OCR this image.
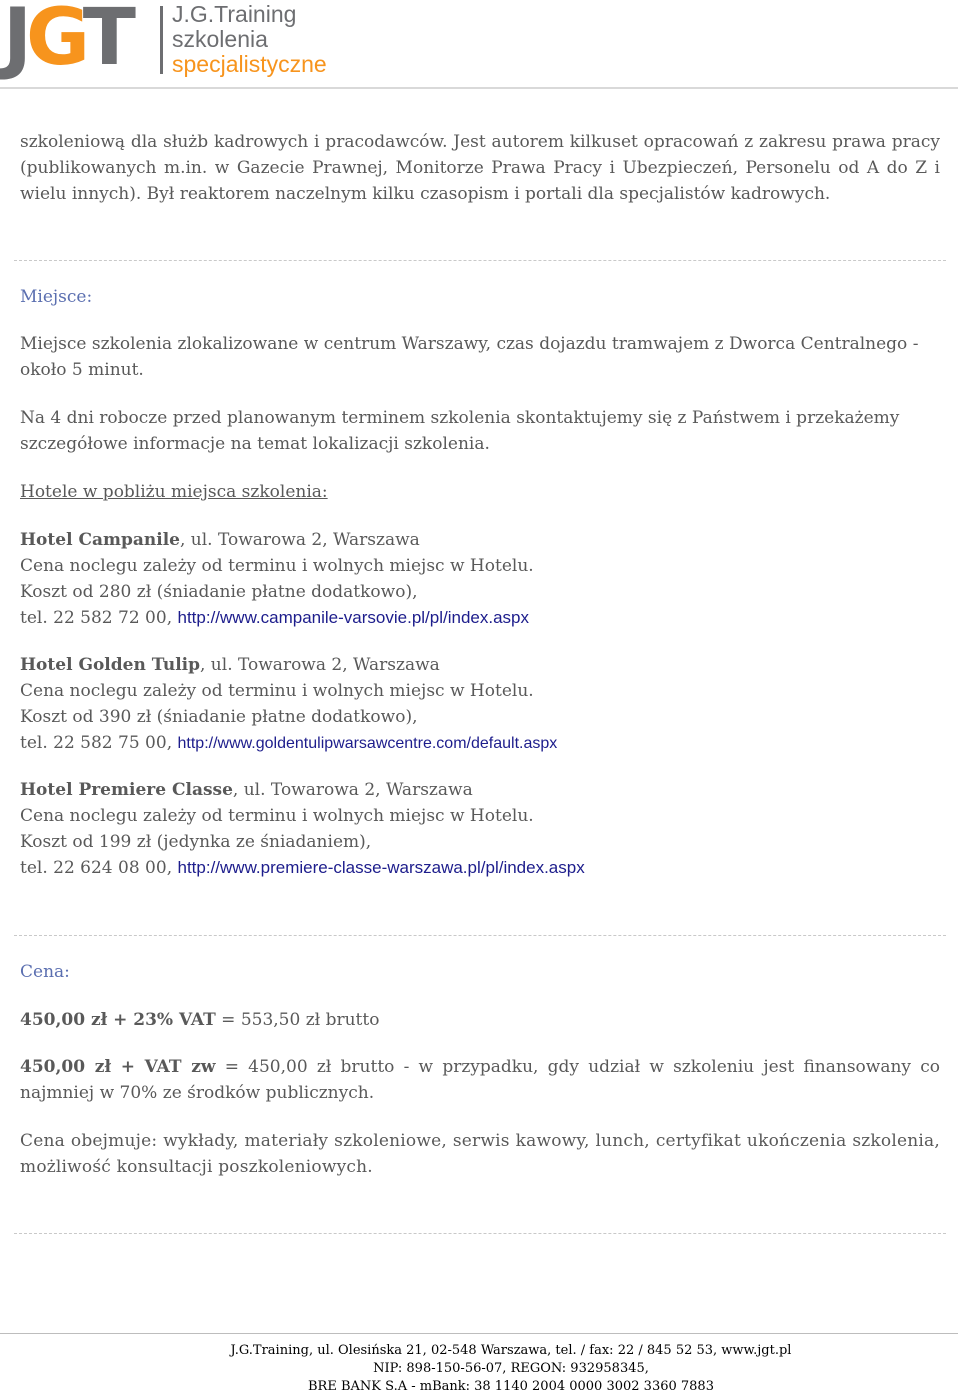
JGT J.G.Training
szkolenia
specjalistyczne

szkoleniową dla służb kadrowych i pracodawców. Jest autorem kilkuset opracowań z zakresu prawa pracy (publikowanych m.in. w Gazecie Prawnej, Monitorze Prawa Pracy i Ubezpieczeń, Personelu od A do Z i wielu innych). Był reaktorem naczelnym kilku czasopism i portali dla specjalistów kadrowych.

Miejsce:

Miejsce szkolenia zlokalizowane w centrum Warszawy, czas dojazdu tramwajem z Dworca Centralnego - około 5 minut.

Na 4 dni robocze przed planowanym terminem szkolenia skontaktujemy się z Państwem i przekażemy szczegółowe informacje na temat lokalizacji szkolenia.

Hotele w pobliżu miejsca szkolenia:

Hotel Campanile, ul. Towarowa 2, Warszawa
Cena noclegu zależy od terminu i wolnych miejsc w Hotelu.
Koszt od 280 zł (śniadanie płatne dodatkowo),
tel. 22 582 72 00, http://www.campanile-varsovie.pl/pl/index.aspx
Hotel Golden Tulip, ul. Towarowa 2, Warszawa
Cena noclegu zależy od terminu i wolnych miejsc w Hotelu.
Koszt od 390 zł (śniadanie płatne dodatkowo),
tel. 22 582 75 00, http://www.goldentulipwarsawcentre.com/default.aspx
Hotel Premiere Classe, ul. Towarowa 2, Warszawa
Cena noclegu zależy od terminu i wolnych miejsc w Hotelu.
Koszt od 199 zł (jedynka ze śniadaniem),
tel. 22 624 08 00, http://www.premiere-classe-warszawa.pl/pl/index.aspx

Cena:

450,00 zł + 23% VAT = 553,50 zł brutto

450,00 zł + VAT zw = 450,00 zł brutto - w przypadku, gdy udział w szkoleniu jest finansowany co najmniej w 70% ze środków publicznych.

Cena obejmuje: wykłady, materiały szkoleniowe, serwis kawowy, lunch, certyfikat ukończenia szkolenia, możliwość konsultacji poszkoleniowych.

J.G.Training, ul. Olesińska 21, 02-548 Warszawa, tel. / fax: 22 / 845 52 53, www.jgt.pl
NIP: 898-150-56-07, REGON: 932958345,
BRE BANK S.A - mBank: 38 1140 2004 0000 3002 3360 7883
